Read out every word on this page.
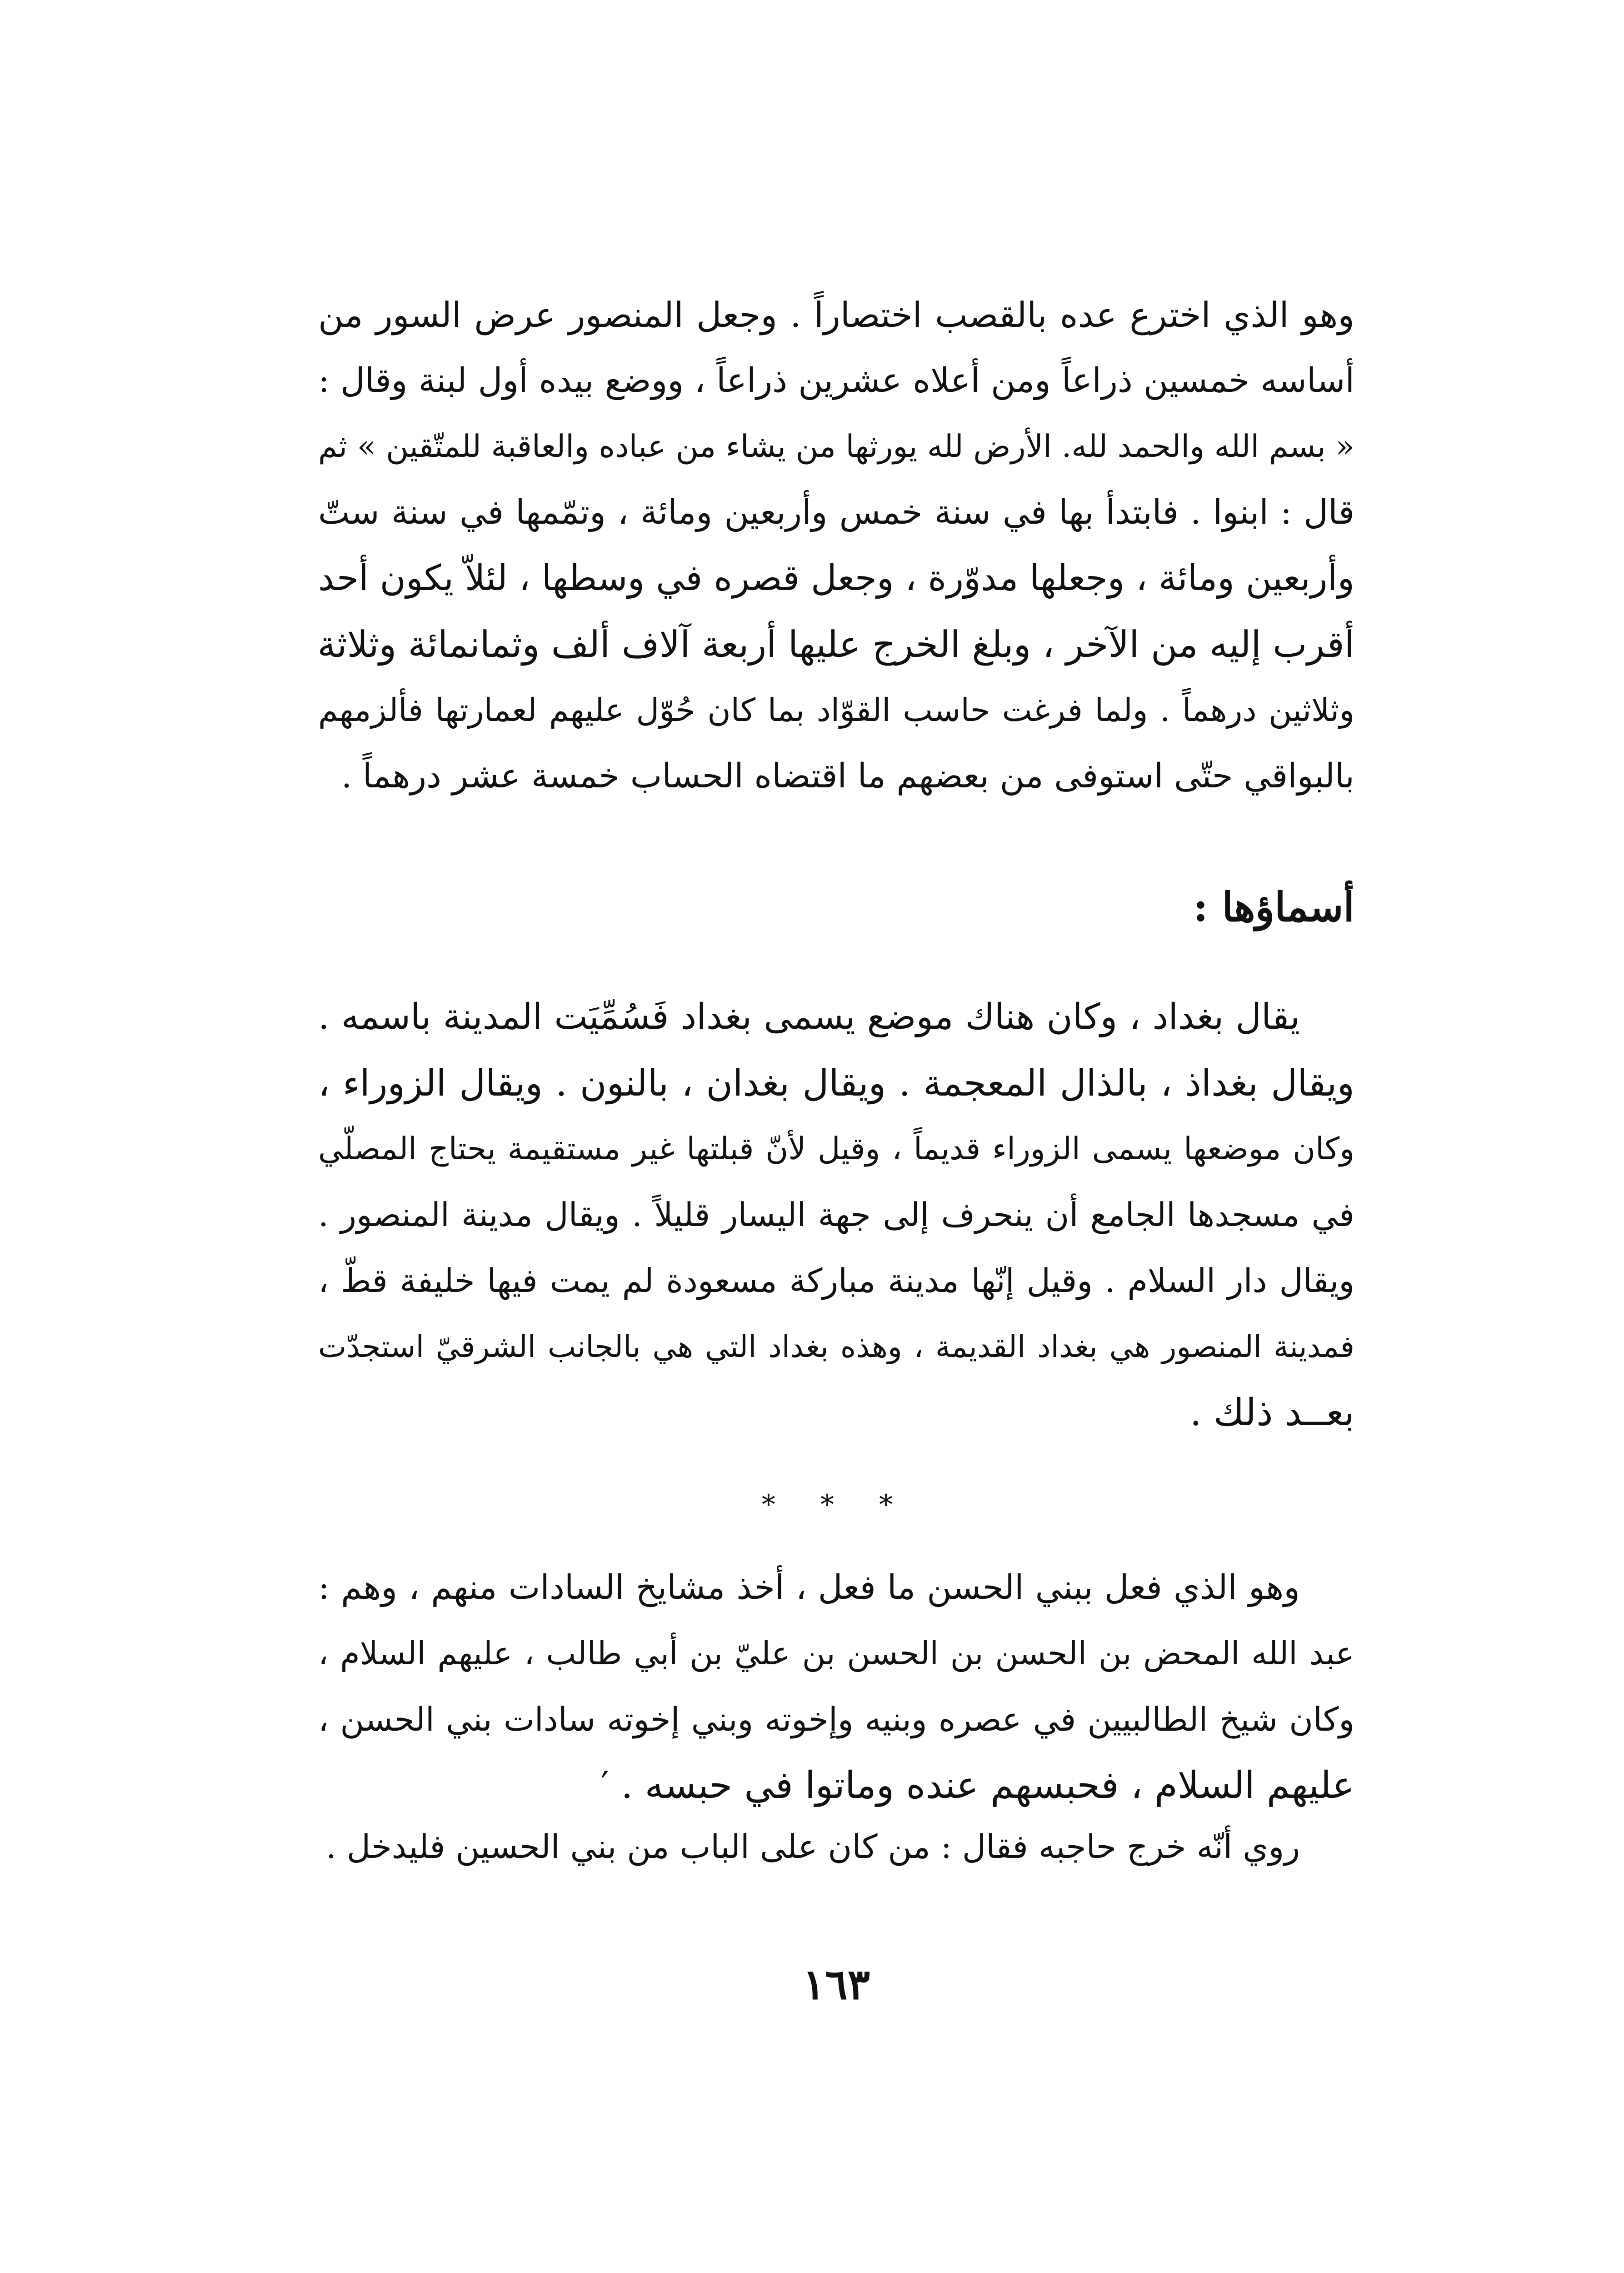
وهو الذي اخترع عده بالقصب اختصاراً . وجعل المنصور عرض السور من
أساسه خمسين ذراعاً ومن أعلاه عشرين ذراعاً ، ووضع بيده أول لبنة وقال :
« بسم الله والحمد لله. الأرض لله يورثها من يشاء من عباده والعاقبة للمتّقين » ثم
قال : ابنوا . فابتدأ بها في سنة خمس وأربعين ومائة ، وتمّمها في سنة ستّ
وأربعين ومائة ، وجعلها مدوّرة ، وجعل قصره في وسطها ، لئلاّ يكون أحد
أقرب إليه من الآخر ، وبلغ الخرج عليها أربعة آلاف ألف وثمانمائة وثلاثة
وثلاثين درهماً . ولما فرغت حاسب القوّاد بما كان حُوّل عليهم لعمارتها فألزمهم
بالبواقي حتّى استوفى من بعضهم ما اقتضاه الحساب خمسة عشر درهماً .
أسماؤها :
يقال بغداد ، وكان هناك موضع يسمى بغداد فَسُمِّيَت المدينة باسمه .
ويقال بغداذ ، بالذال المعجمة . ويقال بغدان ، بالنون . ويقال الزوراء ،
وكان موضعها يسمى الزوراء قديماً ، وقيل لأنّ قبلتها غير مستقيمة يحتاج المصلّي
في مسجدها الجامع أن ينحرف إلى جهة اليسار قليلاً . ويقال مدينة المنصور .
ويقال دار السلام . وقيل إنّها مدينة مباركة مسعودة لم يمت فيها خليفة قطّ ،
فمدينة المنصور هي بغداد القديمة ، وهذه بغداد التي هي بالجانب الشرقيّ استجدّت
بعــد ذلك .
* * *
وهو الذي فعل ببني الحسن ما فعل ، أخذ مشايخ السادات منهم ، وهم :
عبد الله المحض بن الحسن بن الحسن بن عليّ بن أبي طالب ، عليهم السلام ،
وكان شيخ الطالبيين في عصره وبنيه وإخوته وبني إخوته سادات بني الحسن ،
عليهم السلام ، فحبسهم عنده وماتوا في حبسه . ′
روي أنّه خرج حاجبه فقال : من كان على الباب من بني الحسين فليدخل .
١٦٣
